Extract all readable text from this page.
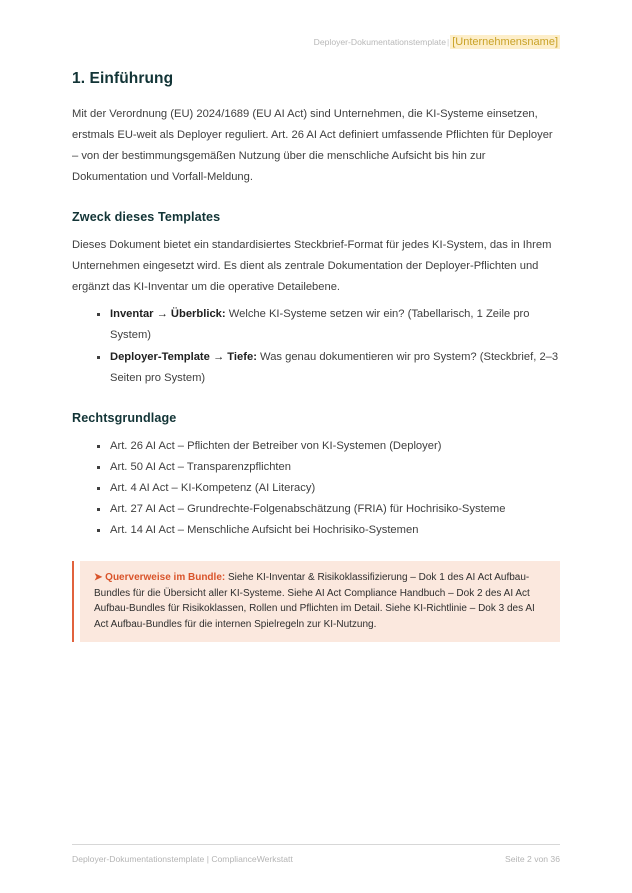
Deployer-Dokumentationstemplate| [Unternehmensname]
1. Einführung

Mit der Verordnung (EU) 2024/1689 (EU AI Act) sind Unternehmen, die KI-Systeme einsetzen, erstmals EU-weit als Deployer reguliert. Art. 26 AI Act definiert umfassende Pflichten für Deployer – von der bestimmungsgemäßen Nutzung über die menschliche Aufsicht bis hin zur Dokumentation und Vorfall-Meldung.

Zweck dieses Templates

Dieses Dokument bietet ein standardisiertes Steckbrief-Format für jedes KI-System, das in Ihrem Unternehmen eingesetzt wird. Es dient als zentrale Dokumentation der Deployer-Pflichten und ergänzt das KI-Inventar um die operative Detailebene.

Inventar → Überblick: Welche KI-Systeme setzen wir ein? (Tabellarisch, 1 Zeile pro System)
Deployer-Template → Tiefe: Was genau dokumentieren wir pro System? (Steckbrief, 2–3 Seiten pro System)
Rechtsgrundlage
Art. 26 AI Act – Pflichten der Betreiber von KI-Systemen (Deployer)
Art. 50 AI Act – Transparenzpflichten
Art. 4 AI Act – KI-Kompetenz (AI Literacy)
Art. 27 AI Act – Grundrechte-Folgenabschätzung (FRIA) für Hochrisiko-Systeme
Art. 14 AI Act – Menschliche Aufsicht bei Hochrisiko-Systemen
➤ Querverweise im Bundle: Siehe KI-Inventar & Risikoklassifizierung – Dok 1 des AI Act Aufbau-Bundles für die Übersicht aller KI-Systeme. Siehe AI Act Compliance Handbuch – Dok 2 des AI Act Aufbau-Bundles für Risikoklassen, Rollen und Pflichten im Detail. Siehe KI-Richtlinie – Dok 3 des AI Act Aufbau-Bundles für die internen Spielregeln zur KI-Nutzung.
Deployer-Dokumentationstemplate | ComplianceWerkstatt	Seite 2 von 36
